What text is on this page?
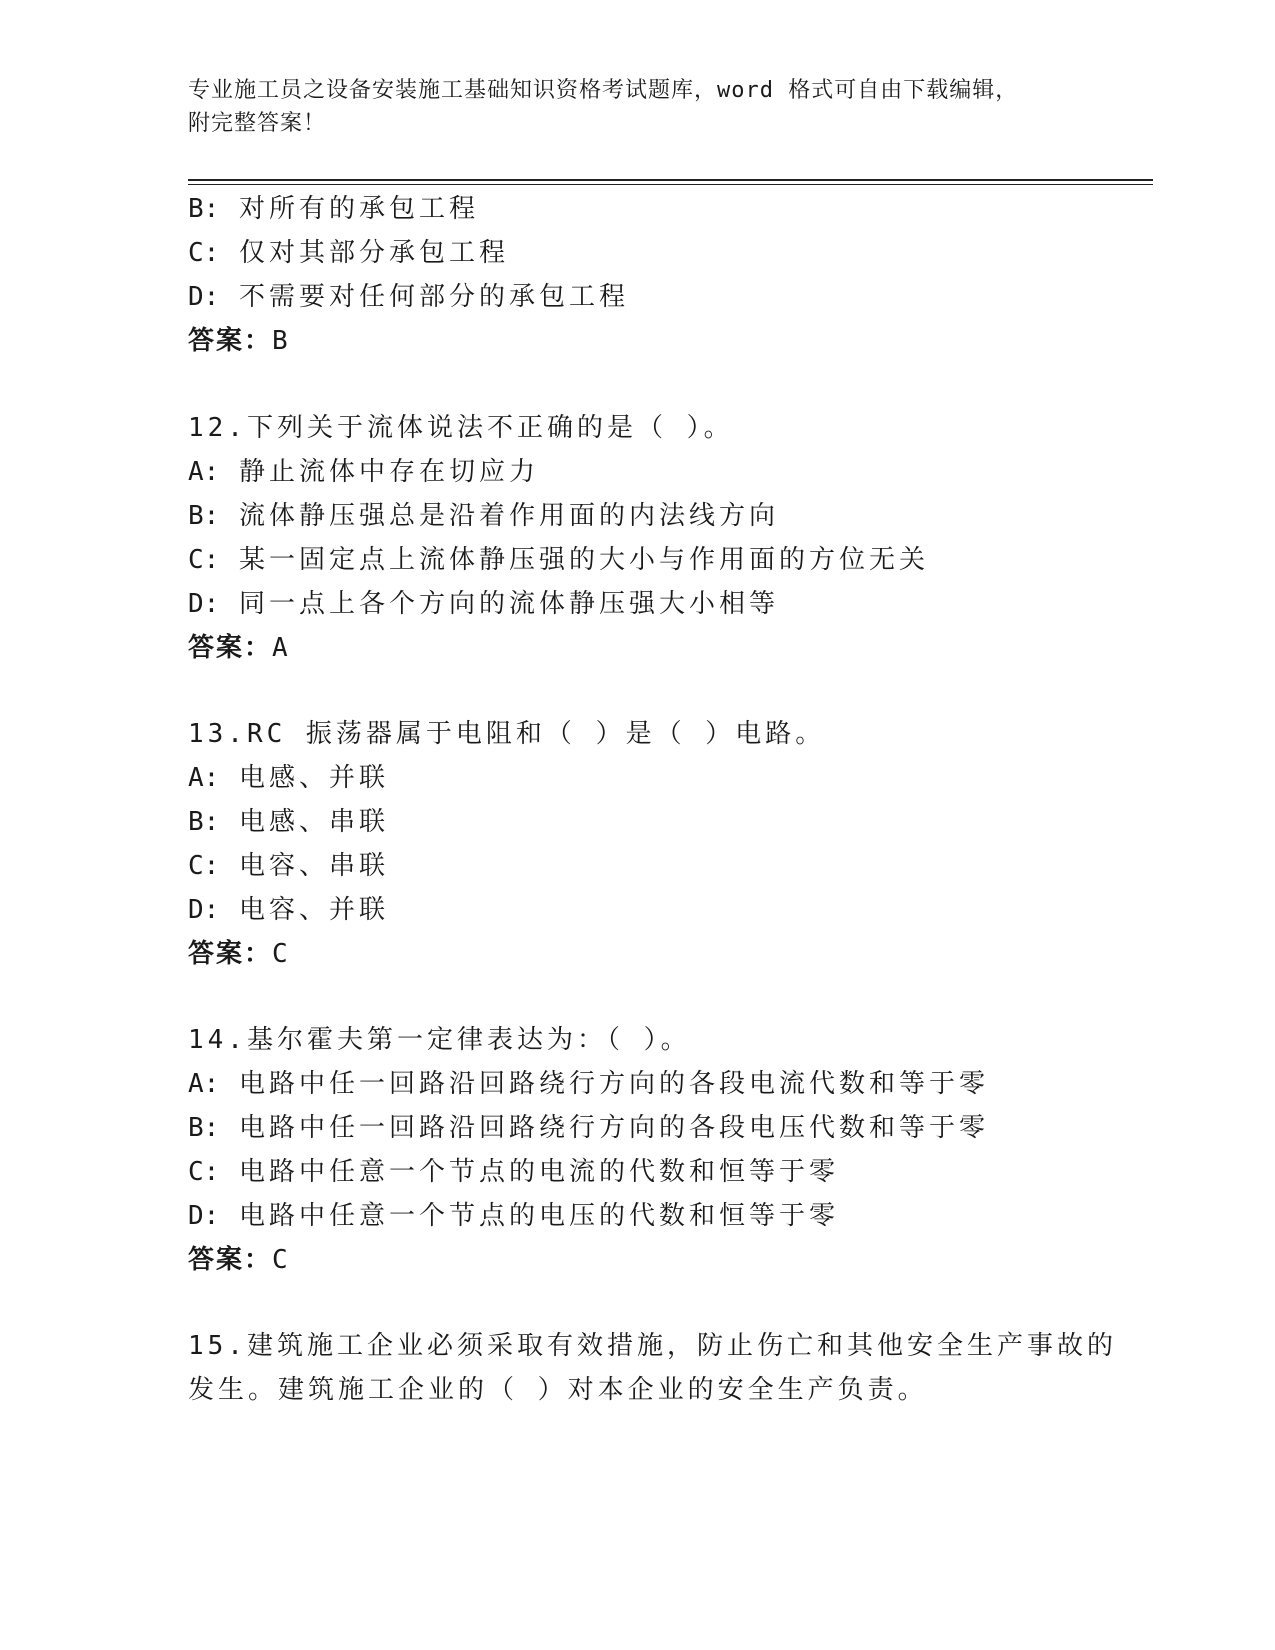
专业施工员之设备安装施工基础知识资格考试题库，word 格式可自由下载编辑，
附完整答案！
B: 对所有的承包工程
C: 仅对其部分承包工程
D: 不需要对任何部分的承包工程
答案：B
12.下列关于流体说法不正确的是（ ）。
A: 静止流体中存在切应力
B: 流体静压强总是沿着作用面的内法线方向
C: 某一固定点上流体静压强的大小与作用面的方位无关
D: 同一点上各个方向的流体静压强大小相等
答案：A
13.RC 振荡器属于电阻和（ ）是（ ）电路。
A: 电感、并联
B: 电感、串联
C: 电容、串联
D: 电容、并联
答案：C
14.基尔霍夫第一定律表达为：（ ）。
A: 电路中任一回路沿回路绕行方向的各段电流代数和等于零
B: 电路中任一回路沿回路绕行方向的各段电压代数和等于零
C: 电路中任意一个节点的电流的代数和恒等于零
D: 电路中任意一个节点的电压的代数和恒等于零
答案：C
15.建筑施工企业必须采取有效措施，防止伤亡和其他安全生产事故的
发生。建筑施工企业的（ ）对本企业的安全生产负责。
